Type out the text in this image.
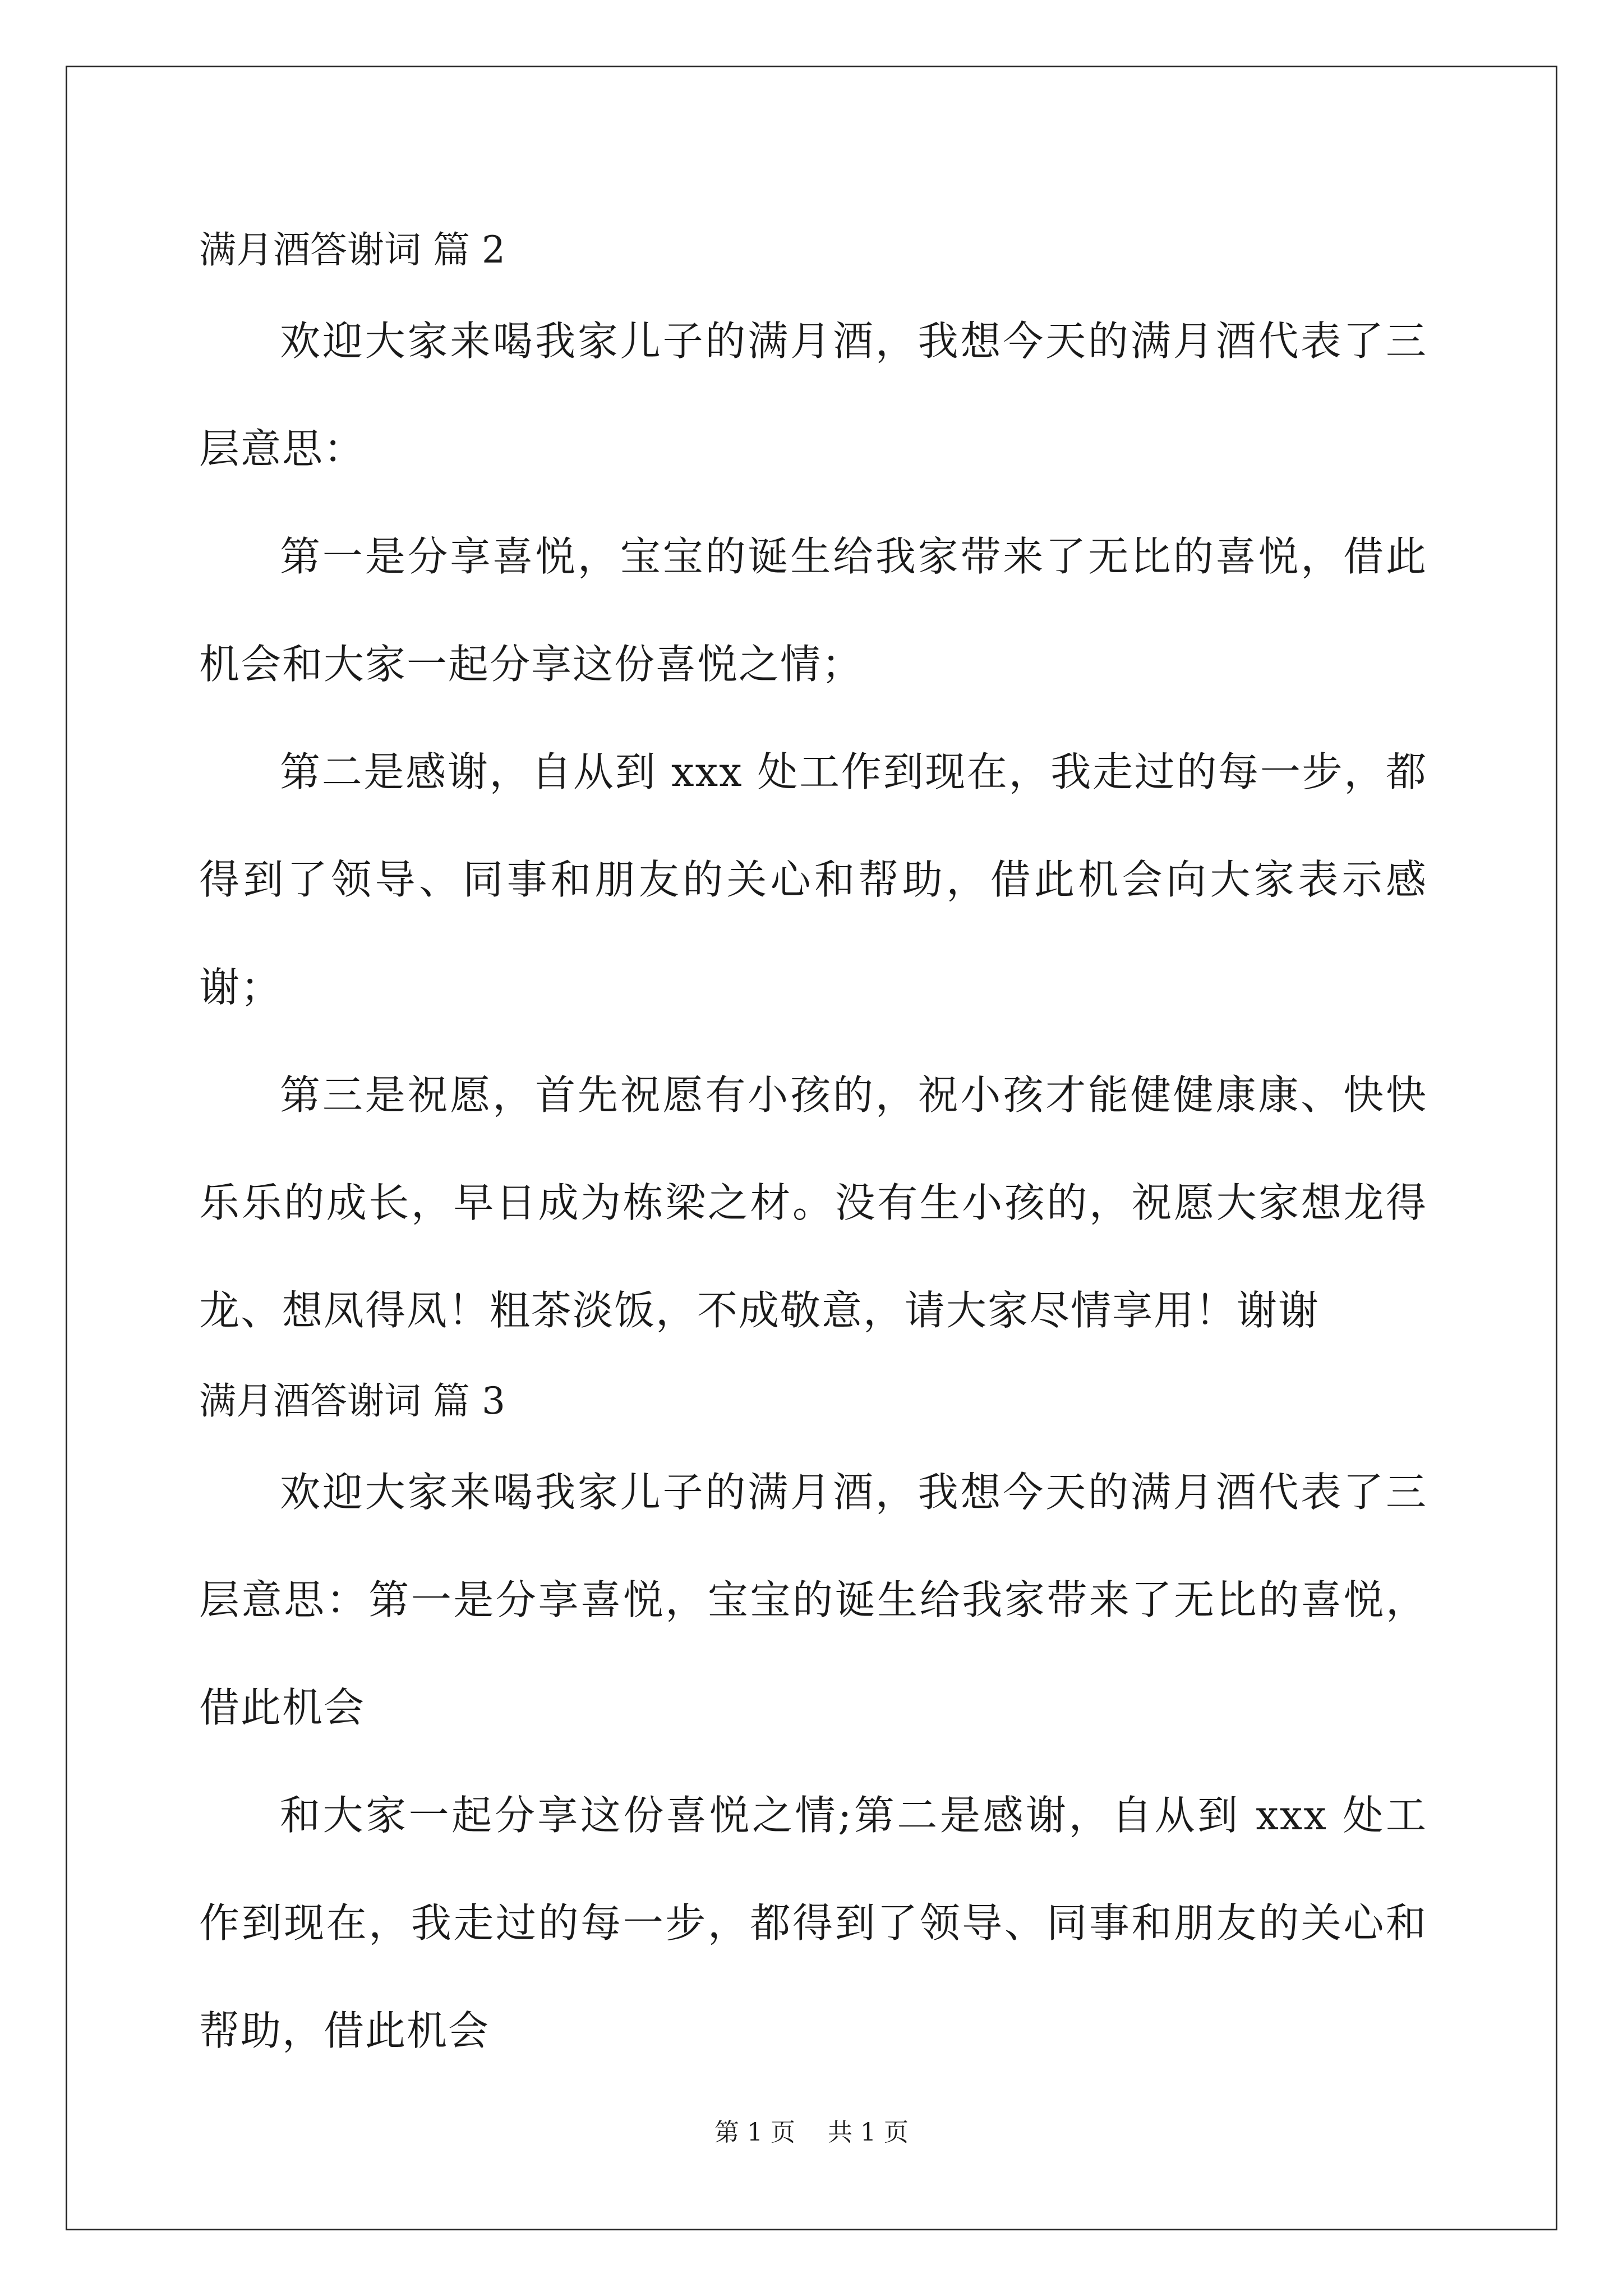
满月酒答谢词 篇 2

欢迎大家来喝我家儿子的满月酒，我想今天的满月酒代表了三层意思：

第一是分享喜悦，宝宝的诞生给我家带来了无比的喜悦，借此机会和大家一起分享这份喜悦之情；

第二是感谢，自从到 xxx 处工作到现在，我走过的每一步，都得到了领导、同事和朋友的关心和帮助，借此机会向大家表示感谢；

第三是祝愿，首先祝愿有小孩的，祝小孩才能健健康康、快快乐乐的成长，早日成为栋梁之材。没有生小孩的，祝愿大家想龙得龙、想凤得凤！粗茶淡饭，不成敬意，请大家尽情享用！谢谢

满月酒答谢词 篇 3

欢迎大家来喝我家儿子的满月酒，我想今天的满月酒代表了三层意思：第一是分享喜悦，宝宝的诞生给我家带来了无比的喜悦，借此机会

和大家一起分享这份喜悦之情;第二是感谢，自从到 xxx 处工作到现在，我走过的每一步，都得到了领导、同事和朋友的关心和帮助，借此机会

第 1 页 共 1 页
